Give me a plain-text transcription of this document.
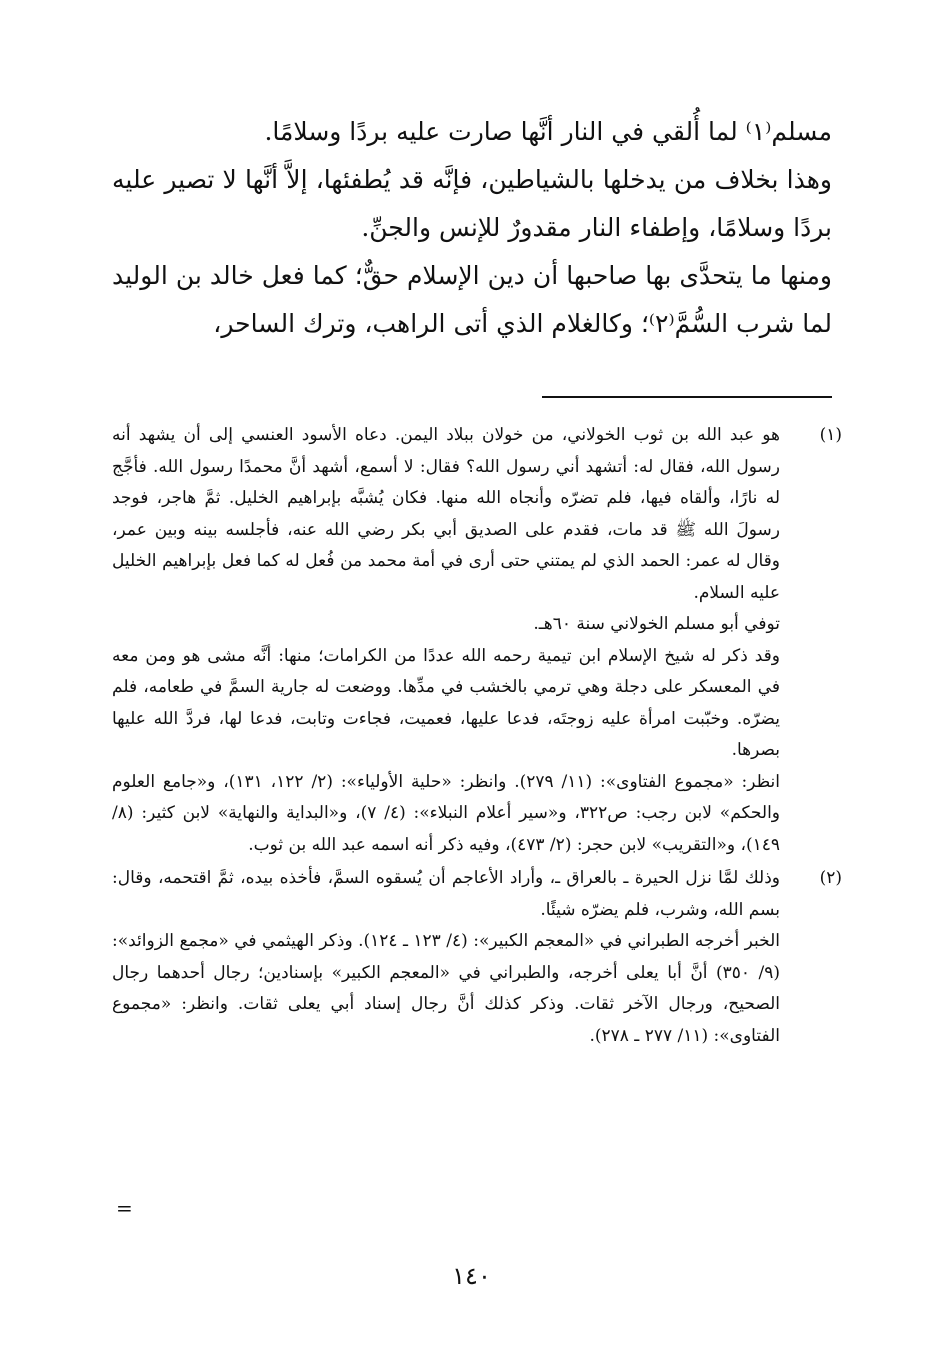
مسلم⁽١⁾ لما أُلقي في النار أنَّها صارت عليه بردًا وسلامًا.

وهذا بخلاف من يدخلها بالشياطين، فإنَّه قد يُطفئها، إلاَّ أنَّها لا تصير عليه بردًا وسلامًا، وإطفاء النار مقدورٌ للإنس والجنِّ.

ومنها ما يتحدَّى بها صاحبها أن دين الإسلام حقٌّ؛ كما فعل خالد بن الوليد لما شرب السُّمَّ⁽٢⁾؛ وكالغلام الذي أتى الراهب، وترك الساحر،

(١)

هو عبد الله بن ثوب الخولاني، من خولان ببلاد اليمن. دعاه الأسود العنسي إلى أن يشهد أنه رسول الله، فقال له: أتشهد أني رسول الله؟ فقال: لا أسمع، أشهد أنَّ محمدًا رسول الله. فأجَّج له نارًا، وألقاه فيها، فلم تضرّه وأنجاه الله منها. فكان يُشبَّه بإبراهيم الخليل. ثمَّ هاجر، فوجد رسولَ الله ﷺ قد مات، فقدم على الصديق أبي بكر رضي الله عنه، فأجلسه بينه وبين عمر، وقال له عمر: الحمد الذي لم يمتني حتى أرى في أمة محمد من فُعل له كما فعل بإبراهيم الخليل عليه السلام.

توفي أبو مسلم الخولاني سنة ٦٠هـ.

وقد ذكر له شيخ الإسلام ابن تيمية رحمه الله عددًا من الكرامات؛ منها: أنَّه مشى هو ومن معه في المعسكر على دجلة وهي ترمي بالخشب في مدِّها. ووضعت له جارية السمَّ في طعامه، فلم يضرّه. وخبّبت امرأة عليه زوجتَه، فدعا عليها، فعميت، فجاءت وتابت، فدعا لها، فردَّ الله عليها بصرها.

انظر: «مجموع الفتاوى»: (١١/ ٢٧٩). وانظر: «حلية الأولياء»: (٢/ ١٢٢، ١٣١)، و«جامع العلوم والحكم» لابن رجب: ص٣٢٢، و«سير أعلام النبلاء»: (٤/ ٧)، و«البداية والنهاية» لابن كثير: (٨/ ١٤٩)، و«التقريب» لابن حجر: (٢/ ٤٧٣)، وفيه ذكر أنه اسمه عبد الله بن ثوب.

(٢)

وذلك لمَّا نزل الحيرة ـ بالعراق ـ، وأراد الأعاجم أن يُسقوه السمَّ، فأخذه بيده، ثمَّ اقتحمه، وقال: بسم الله، وشرب، فلم يضرّه شيئًا.

الخبر أخرجه الطبراني في «المعجم الكبير»: (٤/ ١٢٣ ـ ١٢٤). وذكر الهيثمي في «مجمع الزوائد»: (٩/ ٣٥٠) أنَّ أبا يعلى أخرجه، والطبراني في «المعجم الكبير» بإسنادين؛ رجال أحدهما رجال الصحيح، ورجال الآخر ثقات. وذكر كذلك أنَّ رجال إسناد أبي يعلى ثقات. وانظر: «مجموع الفتاوى»: (١١/ ٢٧٧ ـ ٢٧٨).

=
١٤٠
